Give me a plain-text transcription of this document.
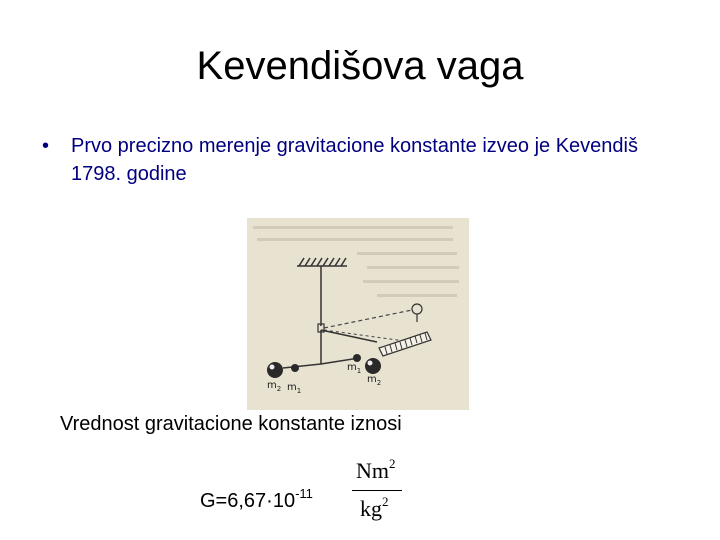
Kevendišova vaga
• Prvo precizno merenje gravitacione konstante izveo je Kevendiš 1798. godine
$m_2$ $m_1$
$m_1$
$m_2$
Vrednost gravitacione konstante iznosi
$G=6,67\cdot 10^{-11}$
Nm$^2$
$kg^2$
